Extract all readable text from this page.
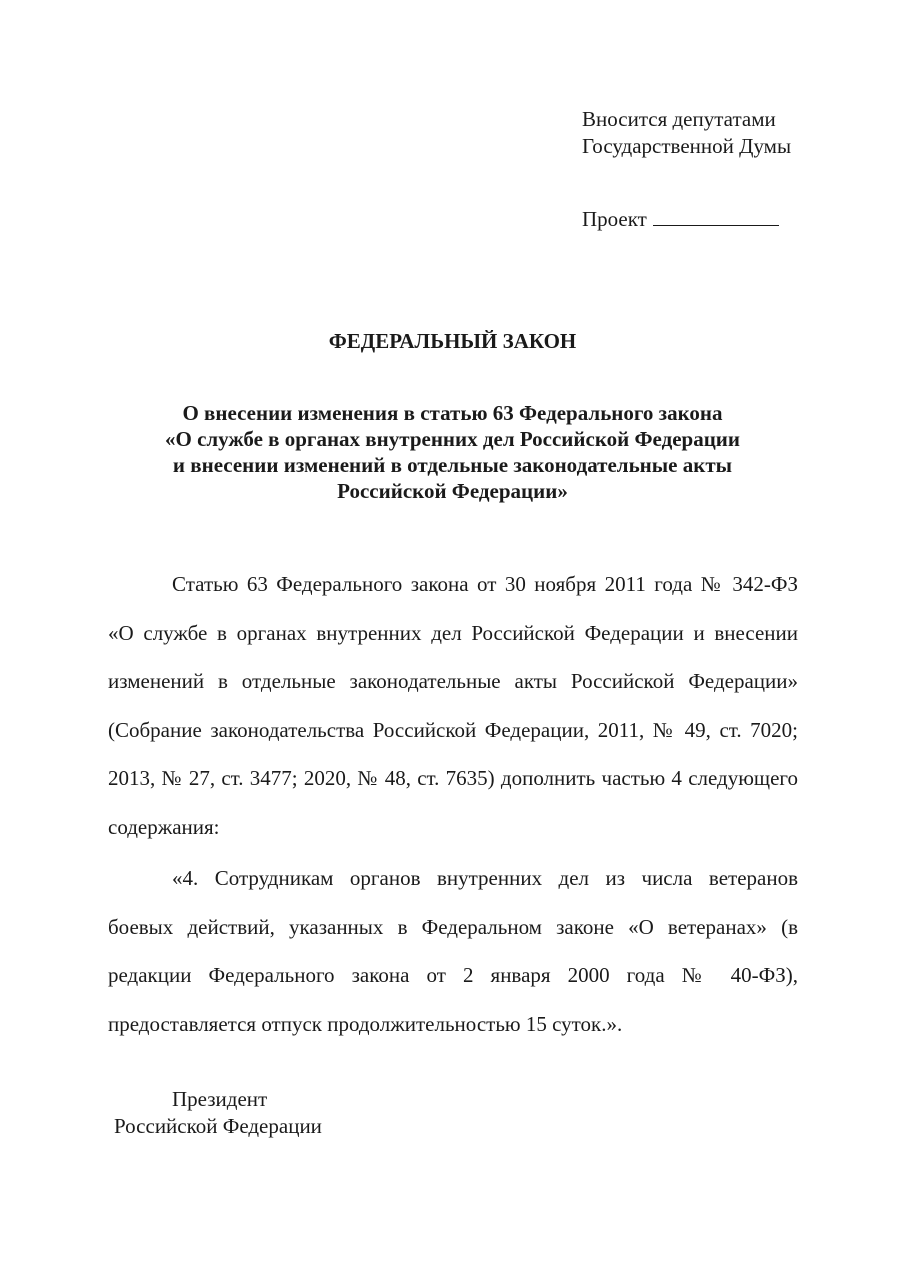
Вносится депутатами
Государственной Думы
Проект
ФЕДЕРАЛЬНЫЙ ЗАКОН
О внесении изменения в статью 63 Федерального закона
«О службе в органах внутренних дел Российской Федерации
и внесении изменений в отдельные законодательные акты
Российской Федерации»
Статью 63 Федерального закона от 30 ноября 2011 года № 342-ФЗ
«О службе в органах внутренних дел Российской Федерации и внесении
изменений в отдельные законодательные акты Российской Федерации»
(Собрание законодательства Российской Федерации, 2011, № 49, ст. 7020;
2013, № 27, ст. 3477; 2020, № 48, ст. 7635) дополнить частью 4 следующего
содержания:
«4. Сотрудникам органов внутренних дел из числа ветеранов
боевых действий, указанных в Федеральном законе «О ветеранах» (в
редакции Федерального закона от 2 января 2000 года № 40-ФЗ),
предоставляется отпуск продолжительностью 15 суток.».
Президент
Российской Федерации
